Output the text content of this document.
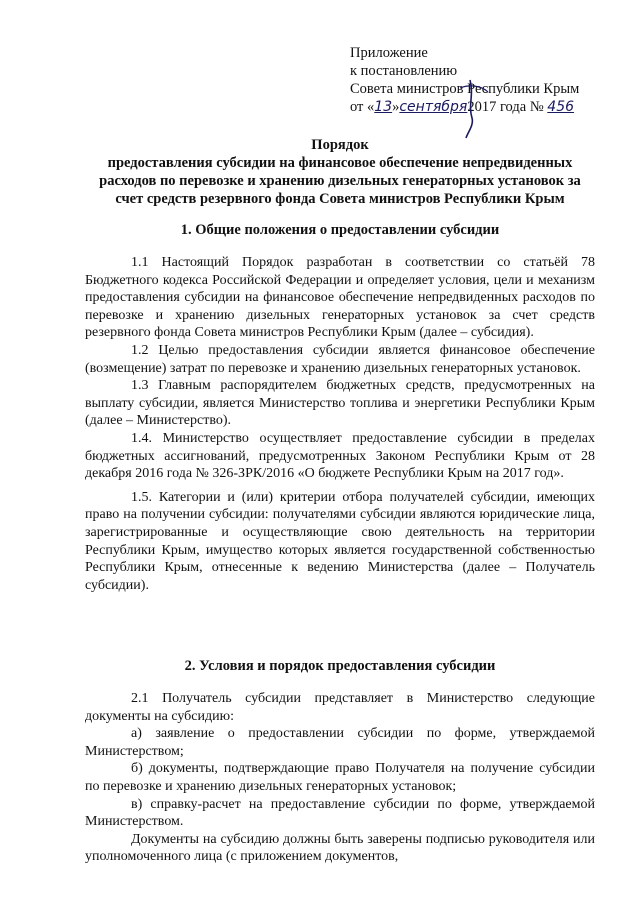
Приложение
к постановлению
Совета министров Республики Крым
от «13»сентября2017 года № 456
Порядок
предоставления субсидии на финансовое обеспечение непредвиденных
расходов по перевозке и хранению дизельных генераторных установок за
счет средств резервного фонда Совета министров Республики Крым
1. Общие положения о предоставлении субсидии

1.1 Настоящий Порядок разработан в соответствии со статьёй 78 Бюджетного кодекса Российской Федерации и определяет условия, цели и механизм предоставления субсидии на финансовое обеспечение непредвиденных расходов по перевозке и хранению дизельных генераторных установок за счет средств резервного фонда Совета министров Республики Крым (далее – субсидия).

1.2 Целью предоставления субсидии является финансовое обеспечение (возмещение) затрат по перевозке и хранению дизельных генераторных установок.

1.3 Главным распорядителем бюджетных средств, предусмотренных на выплату субсидии, является Министерство топлива и энергетики Республики Крым (далее – Министерство).

1.4. Министерство осуществляет предоставление субсидии в пределах бюджетных ассигнований, предусмотренных Законом Республики Крым от 28 декабря 2016 года № 326-ЗРК/2016 «О бюджете Республики Крым на 2017 год».

1.5. Категории и (или) критерии отбора получателей субсидии, имеющих право на получении субсидии: получателями субсидии являются юридические лица, зарегистрированные и осуществляющие свою деятельность на территории Республики Крым, имущество которых является государственной собственностью Республики Крым, отнесенные к ведению Министерства (далее – Получатель субсидии).

2. Условия и порядок предоставления субсидии

2.1 Получатель субсидии представляет в Министерство следующие документы на субсидию:

а) заявление о предоставлении субсидии по форме, утверждаемой Министерством;

б) документы, подтверждающие право Получателя на получение субсидии по перевозке и хранению дизельных генераторных установок;

в) справку-расчет на предоставление субсидии по форме, утверждаемой Министерством.

Документы на субсидию должны быть заверены подписью руководителя или уполномоченного лица (с приложением документов,
